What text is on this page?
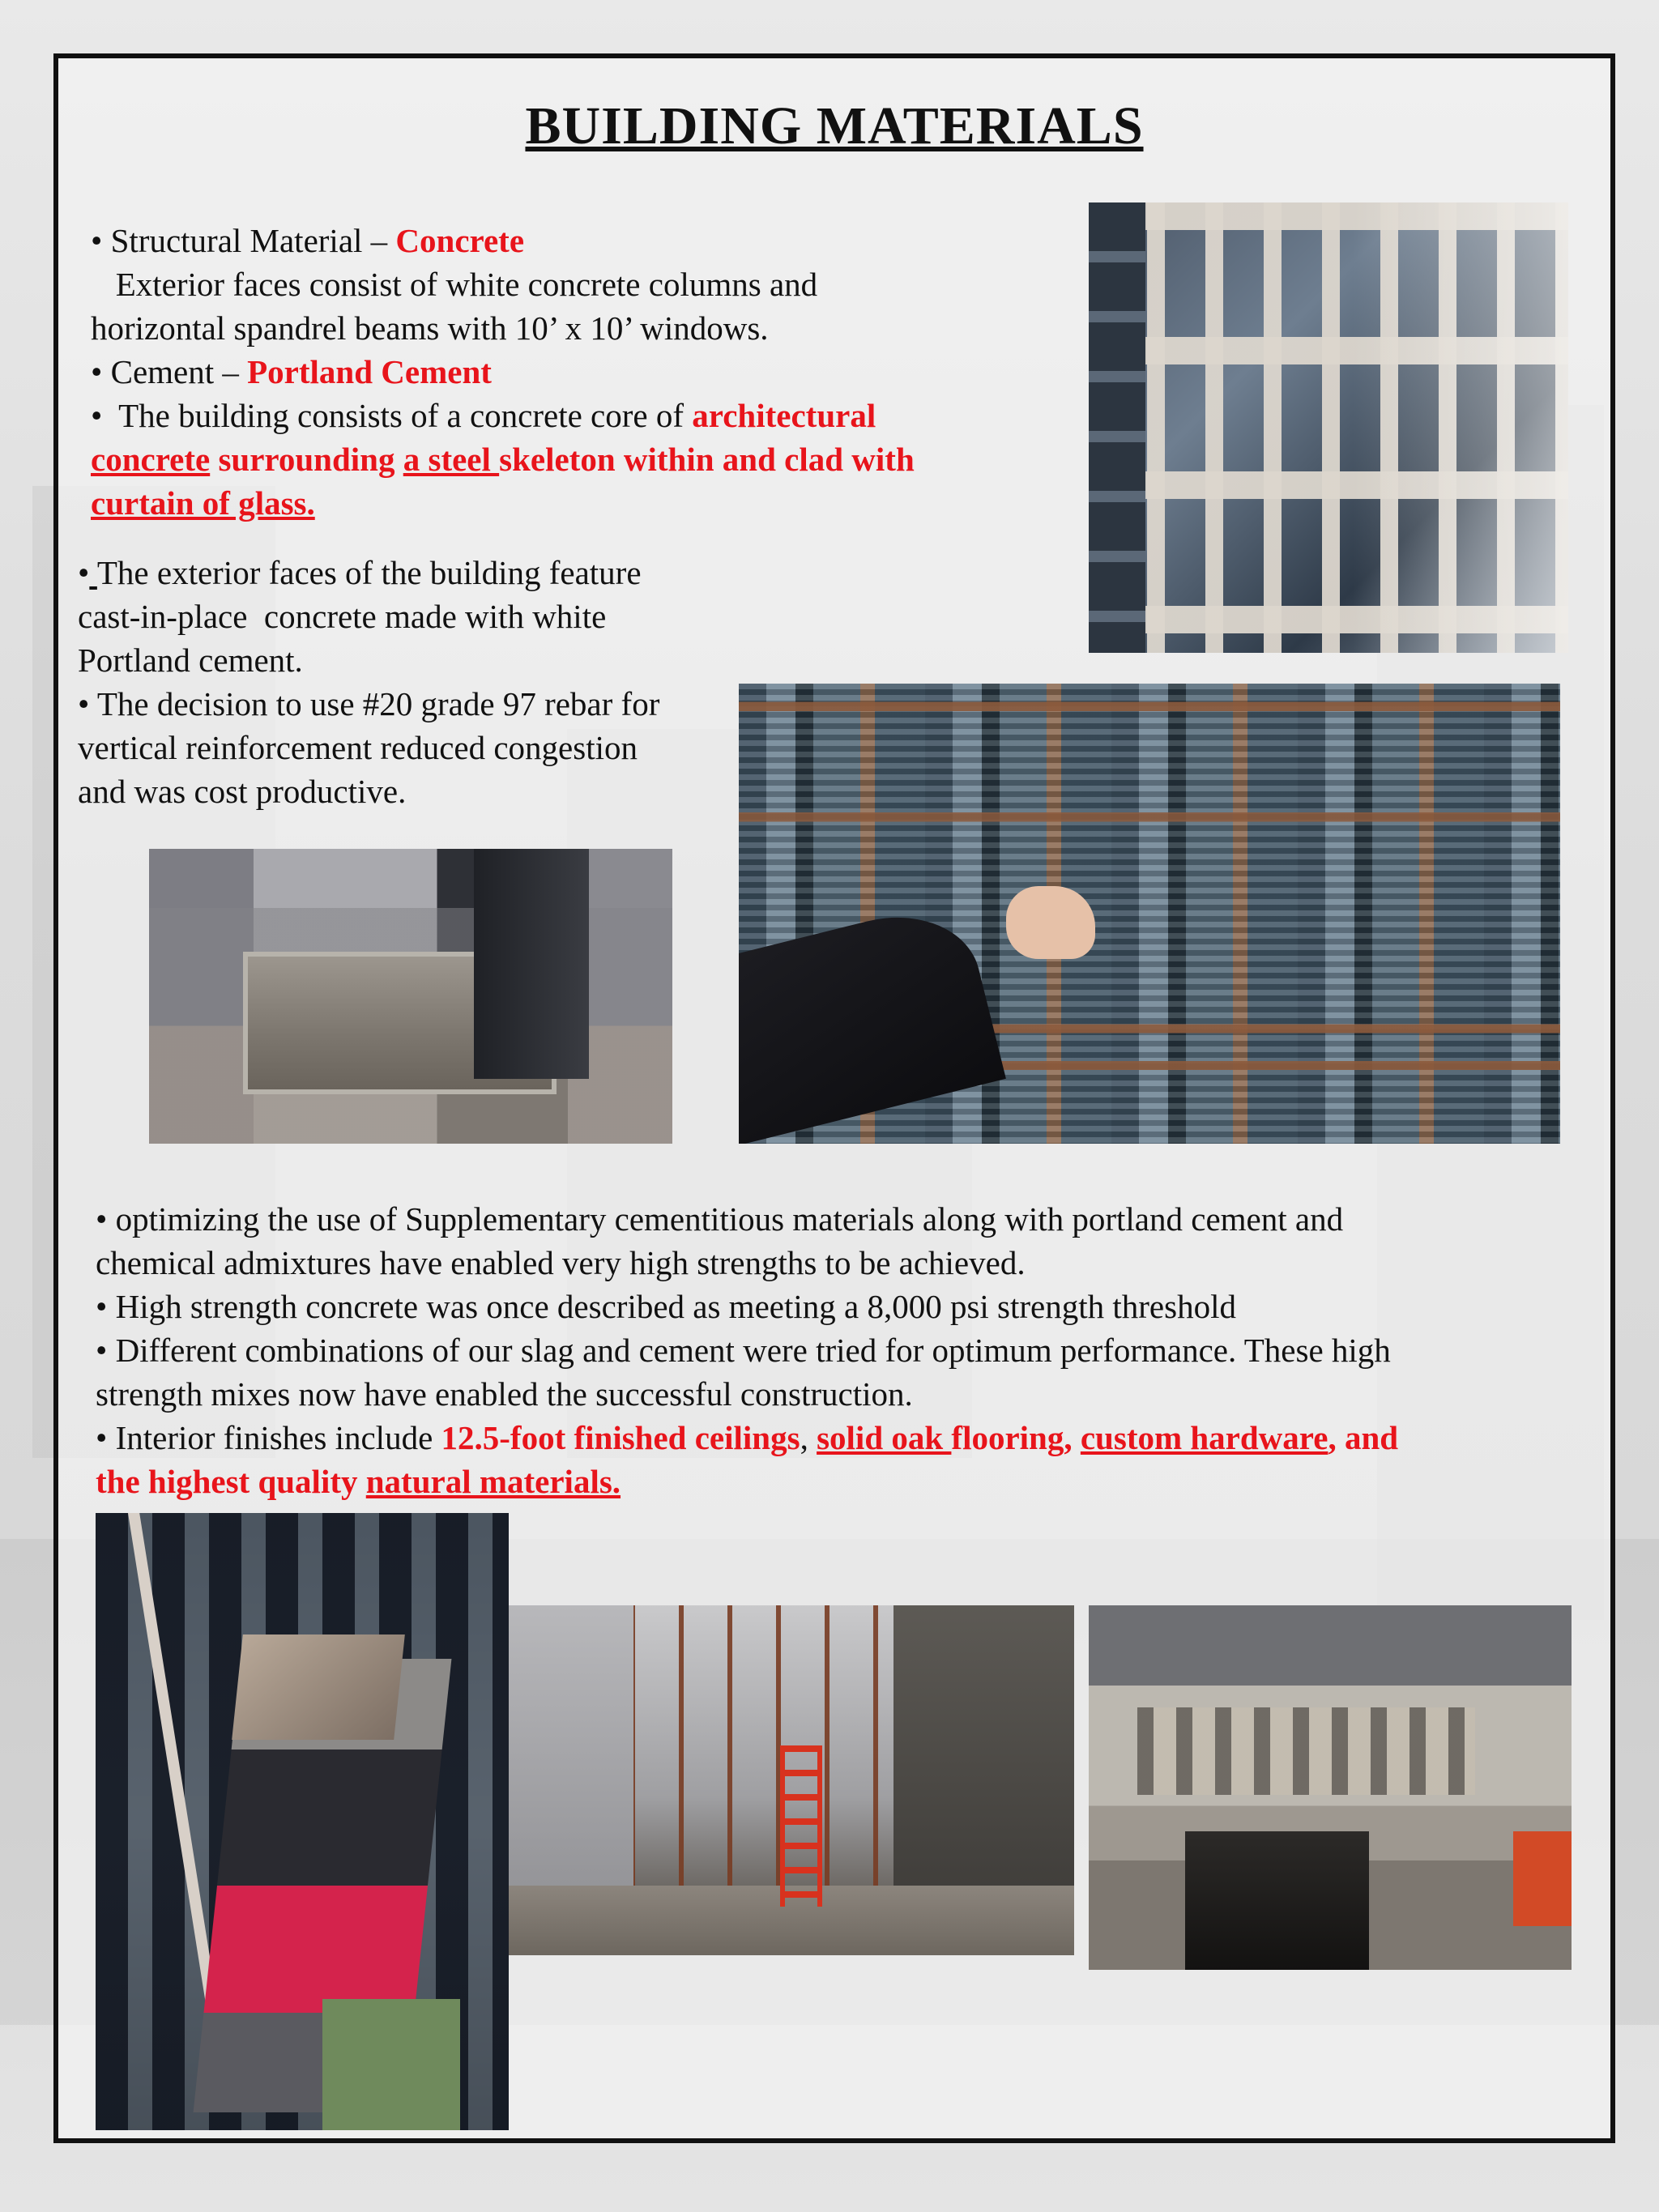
BUILDING MATERIALS

• Structural Material – Concrete

Exterior faces consist of white concrete columns and

horizontal spandrel beams with 10’ x 10’ windows.

• Cement – Portland Cement

•  The building consists of a concrete core of architectural

concrete surrounding a steel skeleton within and clad with

curtain of glass.

• The exterior faces of the building feature

cast-in-place  concrete made with white

Portland cement.

• The decision to use #20 grade 97 rebar for

vertical reinforcement reduced congestion

and was cost productive.

• optimizing the use of Supplementary cementitious materials along with portland cement and

chemical admixtures have enabled very high strengths to be achieved.

• High strength concrete was once described as meeting a 8,000 psi strength threshold

• Different combinations of our slag and cement were tried for optimum performance. These high

strength mixes now have enabled the successful construction.

• Interior finishes include 12.5-foot finished ceilings, solid oak flooring, custom hardware, and

the highest quality natural materials.
